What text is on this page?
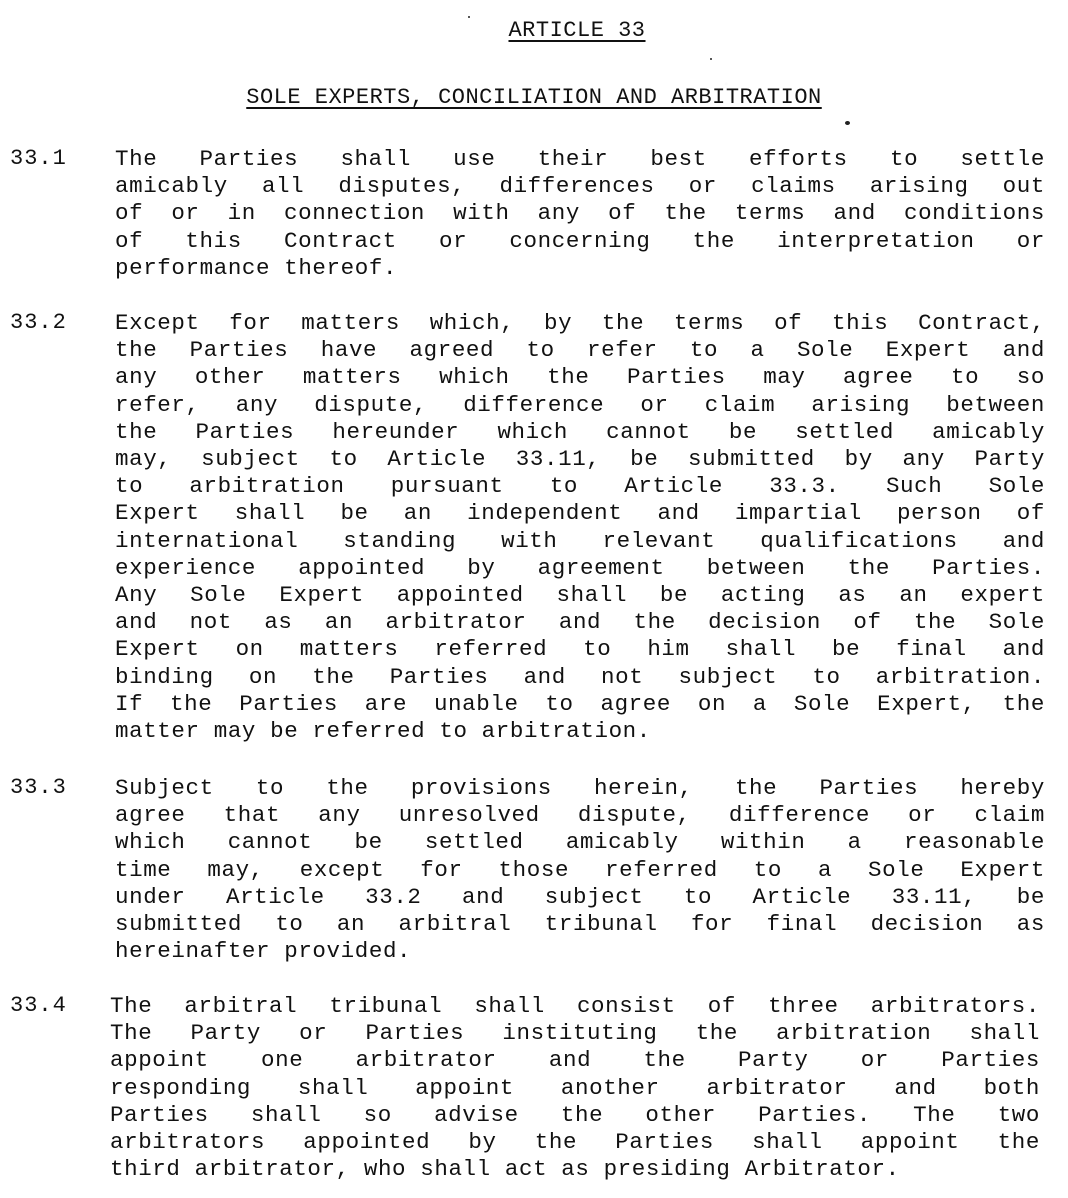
ARTICLE 33
SOLE EXPERTS, CONCILIATION AND ARBITRATION
33.1 The Parties shall use their best efforts to settle
amicably all disputes, differences or claims arising out
of or in connection with any of the terms and conditions
of this Contract or concerning the interpretation or
performance thereof.
33.2 Except for matters which, by the terms of this Contract,
the Parties have agreed to refer to a Sole Expert and
any other matters which the Parties may agree to so
refer, any dispute, difference or claim arising between
the Parties hereunder which cannot be settled amicably
may, subject to Article 33.11, be submitted by any Party
to arbitration pursuant to Article 33.3. Such Sole
Expert shall be an independent and impartial person of
international standing with relevant qualifications and
experience appointed by agreement between the Parties.
Any Sole Expert appointed shall be acting as an expert
and not as an arbitrator and the decision of the Sole
Expert on matters referred to him shall be final and
binding on the Parties and not subject to arbitration.
If the Parties are unable to agree on a Sole Expert, the
matter may be referred to arbitration.
33.3 Subject to the provisions herein, the Parties hereby
agree that any unresolved dispute, difference or claim
which cannot be settled amicably within a reasonable
time may, except for those referred to a Sole Expert
under Article 33.2 and subject to Article 33.11, be
submitted to an arbitral tribunal for final decision as
hereinafter provided.
33.4 The arbitral tribunal shall consist of three arbitrators.
The Party or Parties instituting the arbitration shall
appoint one arbitrator and the Party or Parties
responding shall appoint another arbitrator and both
Parties shall so advise the other Parties. The two
arbitrators appointed by the Parties shall appoint the
third arbitrator, who shall act as presiding Arbitrator.
